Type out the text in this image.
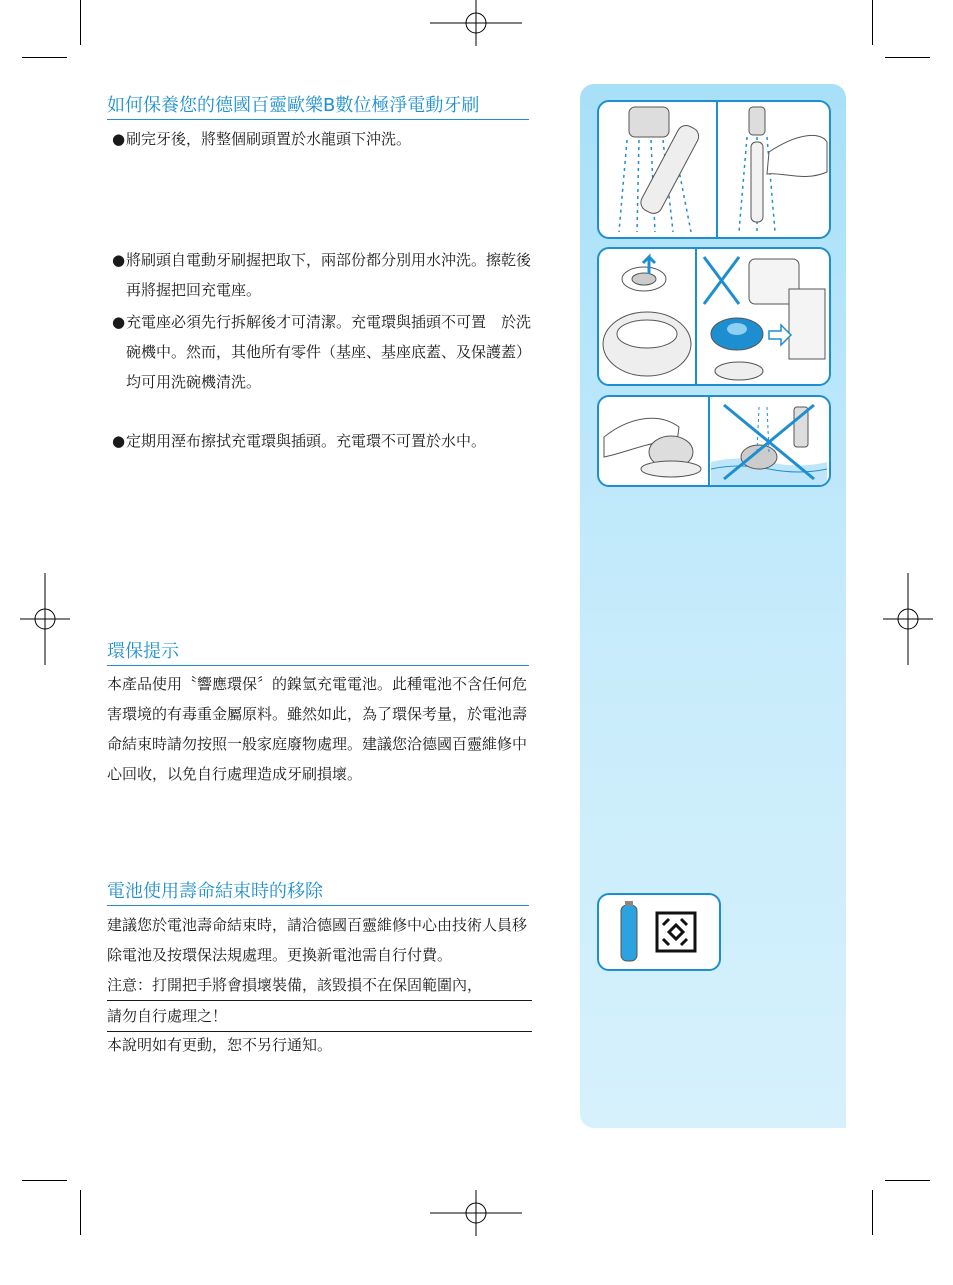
如何保養您的德國百靈歐樂B數位極淨電動牙刷
● 刷完牙後，將整個刷頭置於水龍頭下沖洗。
● 將刷頭自電動牙刷握把取下，兩部份都分別用水沖洗。擦乾後再將握把回充電座。
● 充電座必須先行拆解後才可清潔。充電環與插頭不可置　於洗碗機中。然而，其他所有零件（基座、基座底蓋、及保護蓋）均可用洗碗機清洗。
● 定期用溼布擦拭充電環與插頭。充電環不可置於水中。
環保提示
本產品使用〝響應環保〞的鎳氫充電電池。此種電池不含任何危害環境的有毒重金屬原料。雖然如此，為了環保考量，於電池壽命結束時請勿按照一般家庭廢物處理。建議您洽德國百靈維修中心回收，以免自行處理造成牙刷損壞。
電池使用壽命結束時的移除
建議您於電池壽命結束時，請洽德國百靈維修中心由技術人員移除電池及按環保法規處理。更換新電池需自行付費。
注意：打開把手將會損壞裝備，該毀損不在保固範圍內，
請勿自行處理之！
本說明如有更動，恕不另行通知。
